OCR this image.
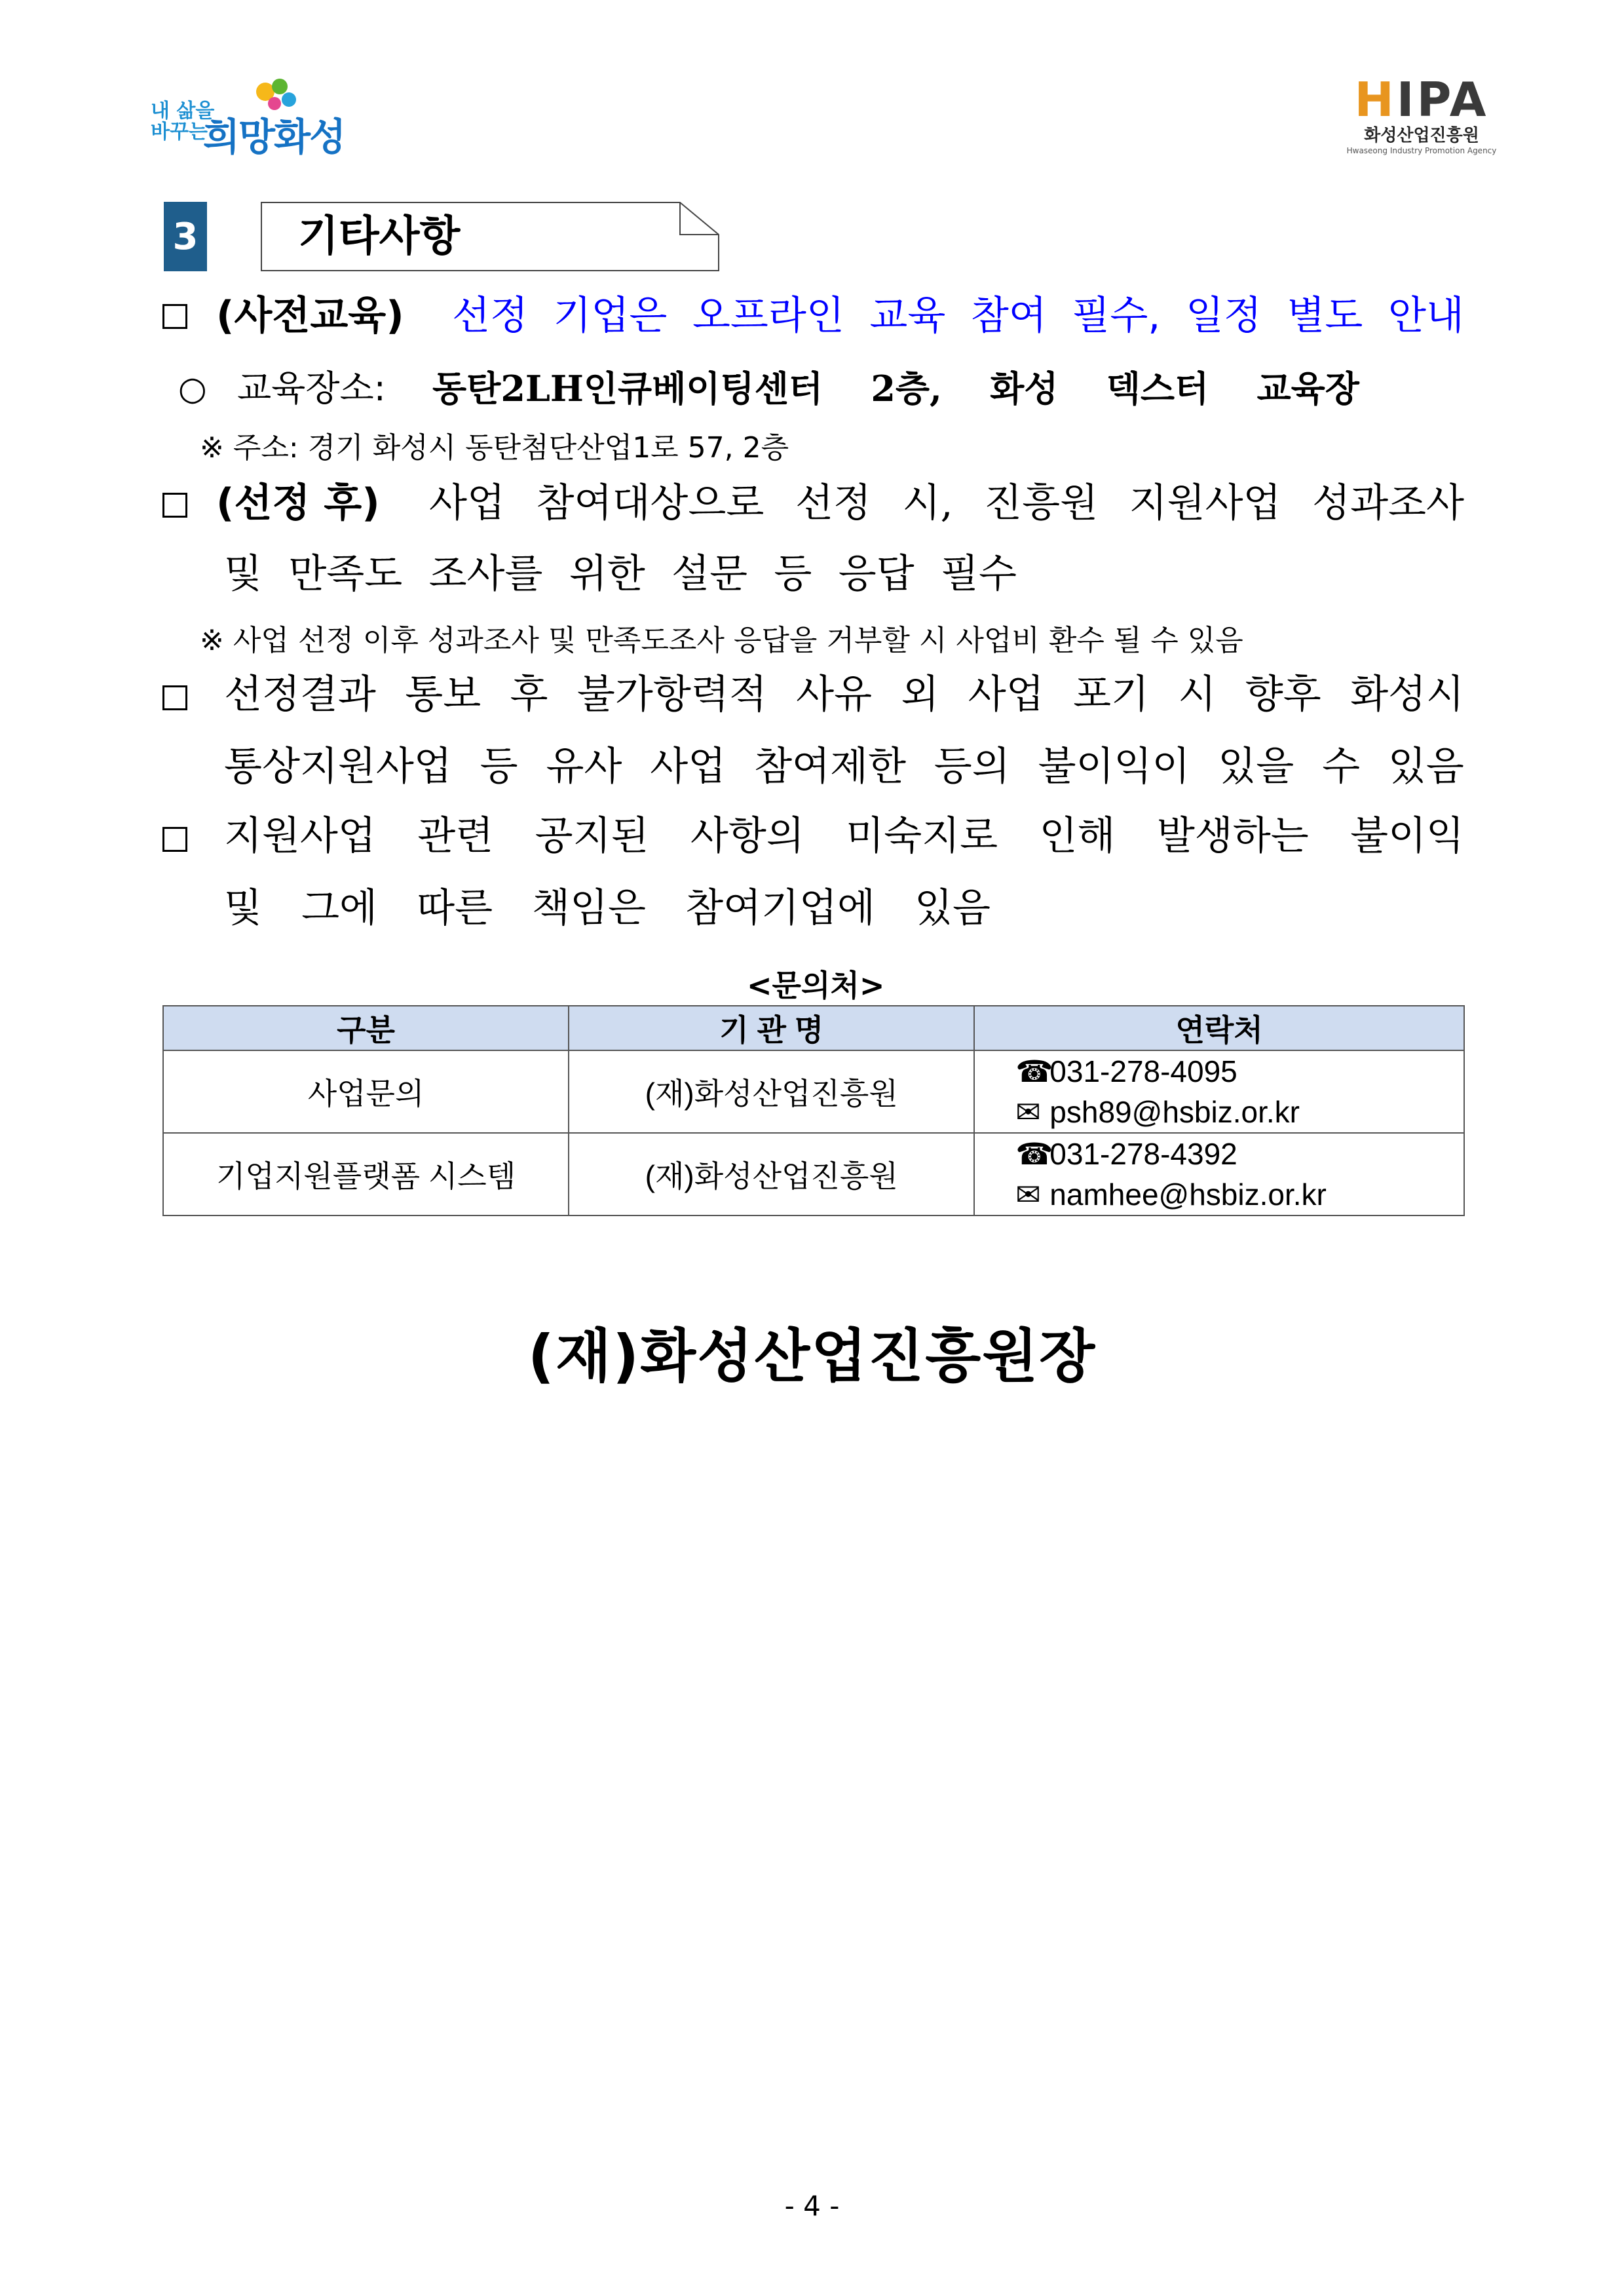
내 삶을
바꾸는
희망화성
HIPA
화성산업진흥원
Hwaseong Industry Promotion Agency
3 기타사항
(사전교육) 선정 기업은 오프라인 교육 참여 필수, 일정 별도 안내
○ 교육장소: 동탄2LH인큐베이팅센터 2층, 화성 덱스터 교육장
※ 주소: 경기 화성시 동탄첨단산업1로 57, 2층
(선정 후) 사업 참여대상으로 선정 시, 진흥원 지원사업 성과조사
및 만족도 조사를 위한 설문 등 응답 필수
※ 사업 선정 이후 성과조사 및 만족도조사 응답을 거부할 시 사업비 환수 될 수 있음
선정결과 통보 후 불가항력적 사유 외 사업 포기 시 향후 화성시
통상지원사업 등 유사 사업 참여제한 등의 불이익이 있을 수 있음
지원사업 관련 공지된 사항의 미숙지로 인해 발생하는 불이익
및 그에 따른 책임은 참여기업에 있음
<문의처>
구분	기 관 명	연락처
사업문의	(재)화성산업진흥원	☎
031-278-4095
✉ psh89@hsbiz.or.kr

기업지원플랫폼 시스템	(재)화성산업진흥원	☎
031-278-4392
✉ namhee@hsbiz.or.kr
(재)화성산업진흥원장
- 4 -
